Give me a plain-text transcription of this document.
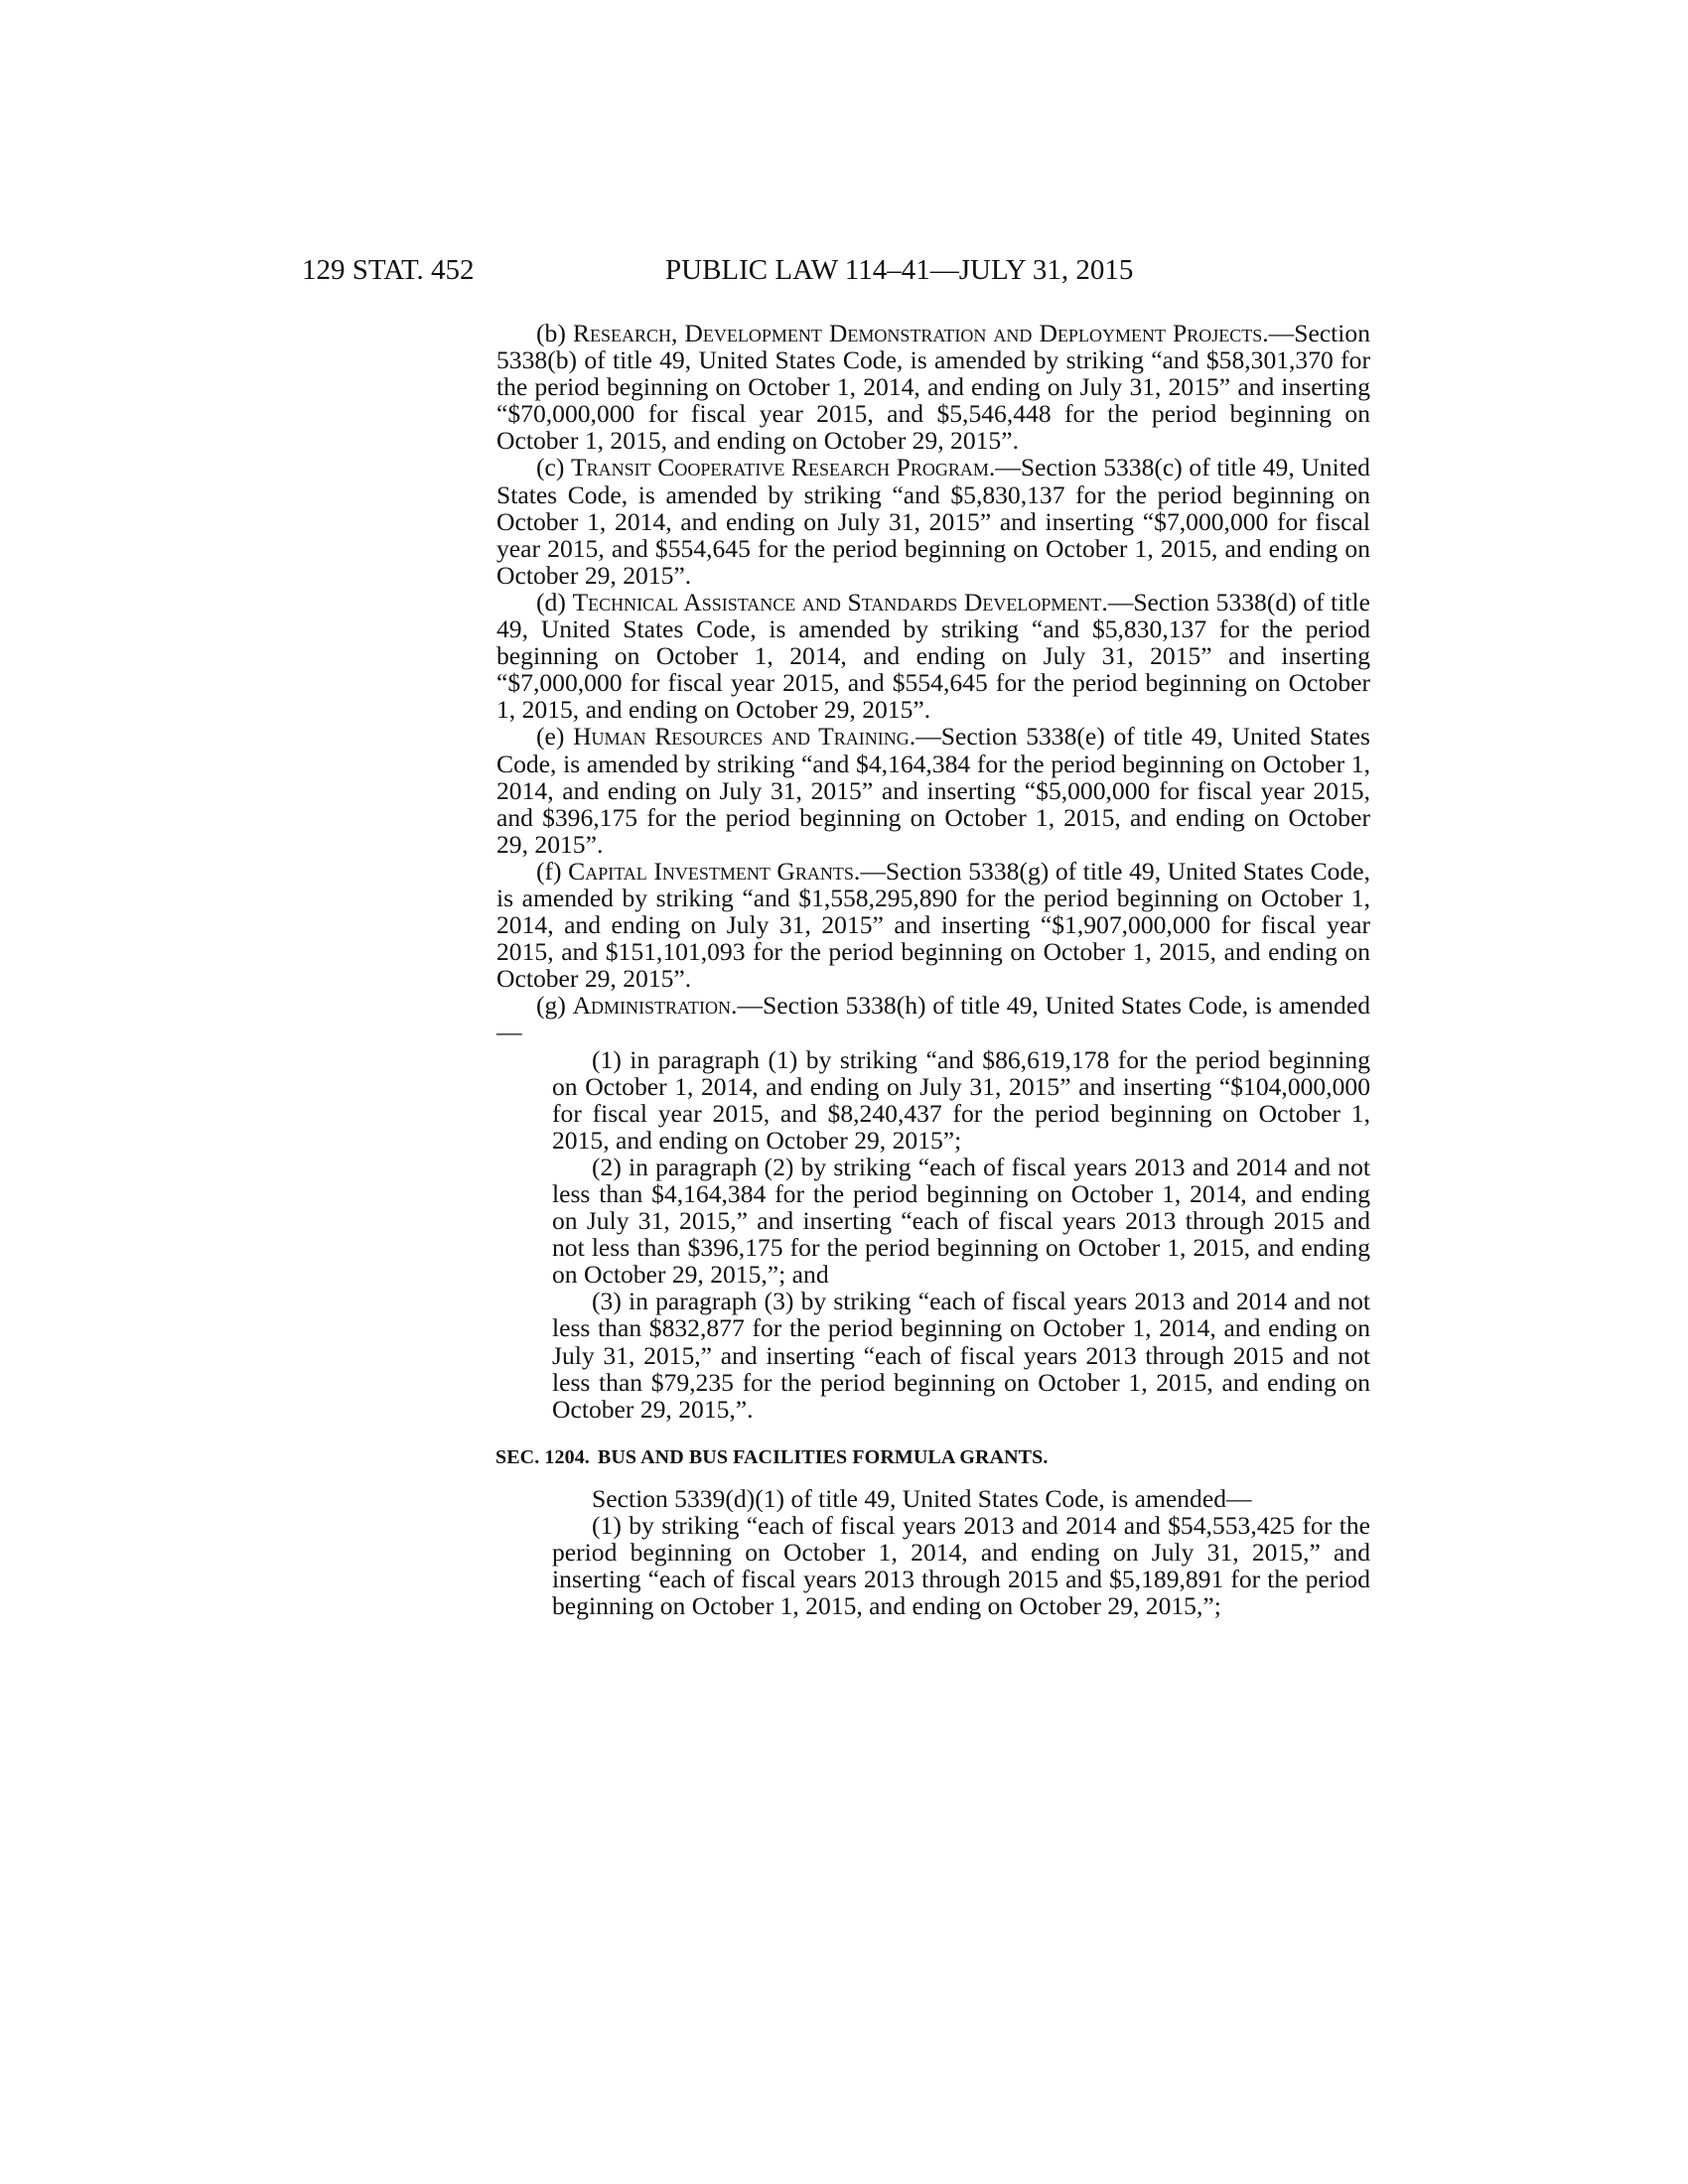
129 STAT. 452	PUBLIC LAW 114–41—JULY 31, 2015

(b) Research, Development Demonstration and Deployment Projects.—Section 5338(b) of title 49, United States Code, is amended by striking “and $58,301,370 for the period beginning on October 1, 2014, and ending on July 31, 2015” and inserting “$70,000,000 for fiscal year 2015, and $5,546,448 for the period beginning on October 1, 2015, and ending on October 29, 2015”.

(c) Transit Cooperative Research Program.—Section 5338(c) of title 49, United States Code, is amended by striking “and $5,830,137 for the period beginning on October 1, 2014, and ending on July 31, 2015” and inserting “$7,000,000 for fiscal year 2015, and $554,645 for the period beginning on October 1, 2015, and ending on October 29, 2015”.

(d) Technical Assistance and Standards Development.—Section 5338(d) of title 49, United States Code, is amended by striking “and $5,830,137 for the period beginning on October 1, 2014, and ending on July 31, 2015” and inserting “$7,000,000 for fiscal year 2015, and $554,645 for the period beginning on October 1, 2015, and ending on October 29, 2015”.

(e) Human Resources and Training.—Section 5338(e) of title 49, United States Code, is amended by striking “and $4,164,384 for the period beginning on October 1, 2014, and ending on July 31, 2015” and inserting “$5,000,000 for fiscal year 2015, and $396,175 for the period beginning on October 1, 2015, and ending on October 29, 2015”.

(f) Capital Investment Grants.—Section 5338(g) of title 49, United States Code, is amended by striking “and $1,558,295,890 for the period beginning on October 1, 2014, and ending on July 31, 2015” and inserting “$1,907,000,000 for fiscal year 2015, and $151,101,093 for the period beginning on October 1, 2015, and ending on October 29, 2015”.

(g) Administration.—Section 5338(h) of title 49, United States Code, is amended—

(1) in paragraph (1) by striking “and $86,619,178 for the period beginning on October 1, 2014, and ending on July 31, 2015” and inserting “$104,000,000 for fiscal year 2015, and $8,240,437 for the period beginning on October 1, 2015, and ending on October 29, 2015”;

(2) in paragraph (2) by striking “each of fiscal years 2013 and 2014 and not less than $4,164,384 for the period beginning on October 1, 2014, and ending on July 31, 2015,” and inserting “each of fiscal years 2013 through 2015 and not less than $396,175 for the period beginning on October 1, 2015, and ending on October 29, 2015,”; and

(3) in paragraph (3) by striking “each of fiscal years 2013 and 2014 and not less than $832,877 for the period beginning on October 1, 2014, and ending on July 31, 2015,” and inserting “each of fiscal years 2013 through 2015 and not less than $79,235 for the period beginning on October 1, 2015, and ending on October 29, 2015,”.

SEC. 1204. BUS AND BUS FACILITIES FORMULA GRANTS.

Section 5339(d)(1) of title 49, United States Code, is amended—

(1) by striking “each of fiscal years 2013 and 2014 and $54,553,425 for the period beginning on October 1, 2014, and ending on July 31, 2015,” and inserting “each of fiscal years 2013 through 2015 and $5,189,891 for the period beginning on October 1, 2015, and ending on October 29, 2015,”;
